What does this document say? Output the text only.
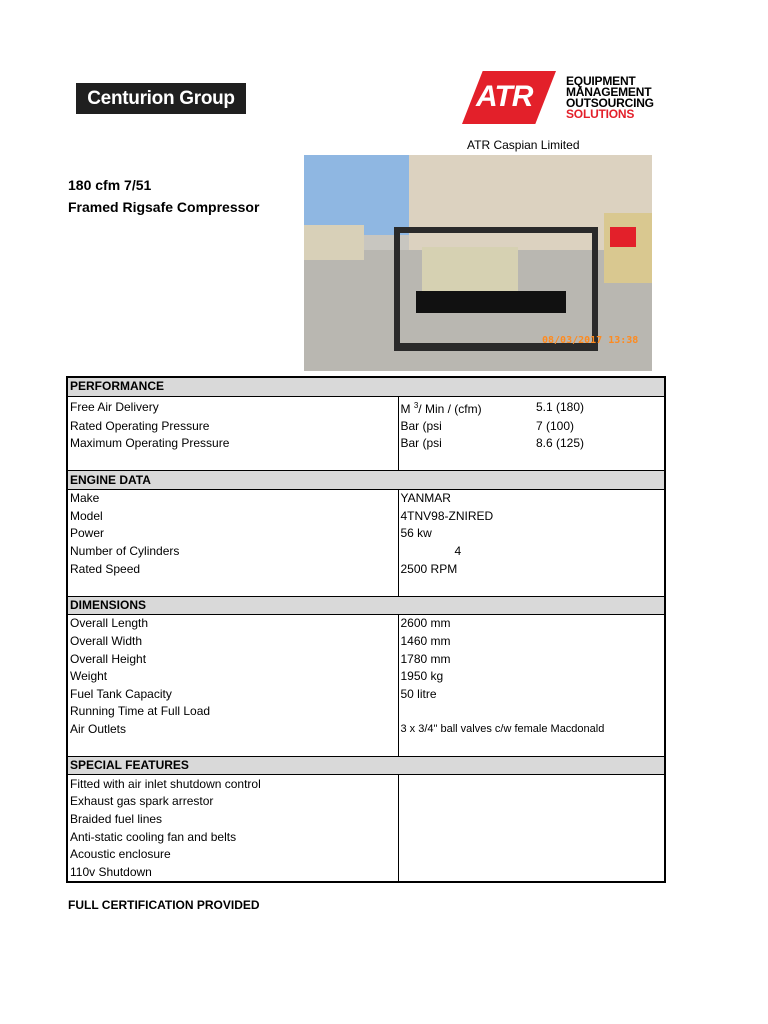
Centurion Group	ATR	EQUIPMENT
MANAGEMENT
OUTSOURCING
SOLUTIONS
ATR Caspian Limited
180 cfm 7/51
Framed Rigsafe Compressor
08/03/2017 13:38
PERFORMANCE		
Free Air Delivery	M $^3$/ Min / (cfm)	5.1 (180)
Rated Operating Pressure	Bar (psi	7 (100)
Maximum Operating Pressure	Bar (psi	8.6 (125)

ENGINE DATA		
Make	YANMAR	
Model	4TNV98-ZNIRED	
Power	56 kw	
Number of Cylinders	4	
Rated Speed	2500 RPM	

DIMENSIONS		
Overall Length	2600 mm	
Overall Width	1460 mm	
Overall Height	1780 mm	
Weight	1950 kg	
Fuel Tank Capacity	50 litre	
Running Time at Full Load		
Air Outlets	3 x 3/4" ball valves c/w female Macdonald	

SPECIAL FEATURES		
Fitted with air inlet shutdown control		
Exhaust gas spark arrestor		
Braided fuel lines		
Anti-static cooling fan and belts		
Acoustic enclosure		
110v Shutdown		
FULL CERTIFICATION PROVIDED
